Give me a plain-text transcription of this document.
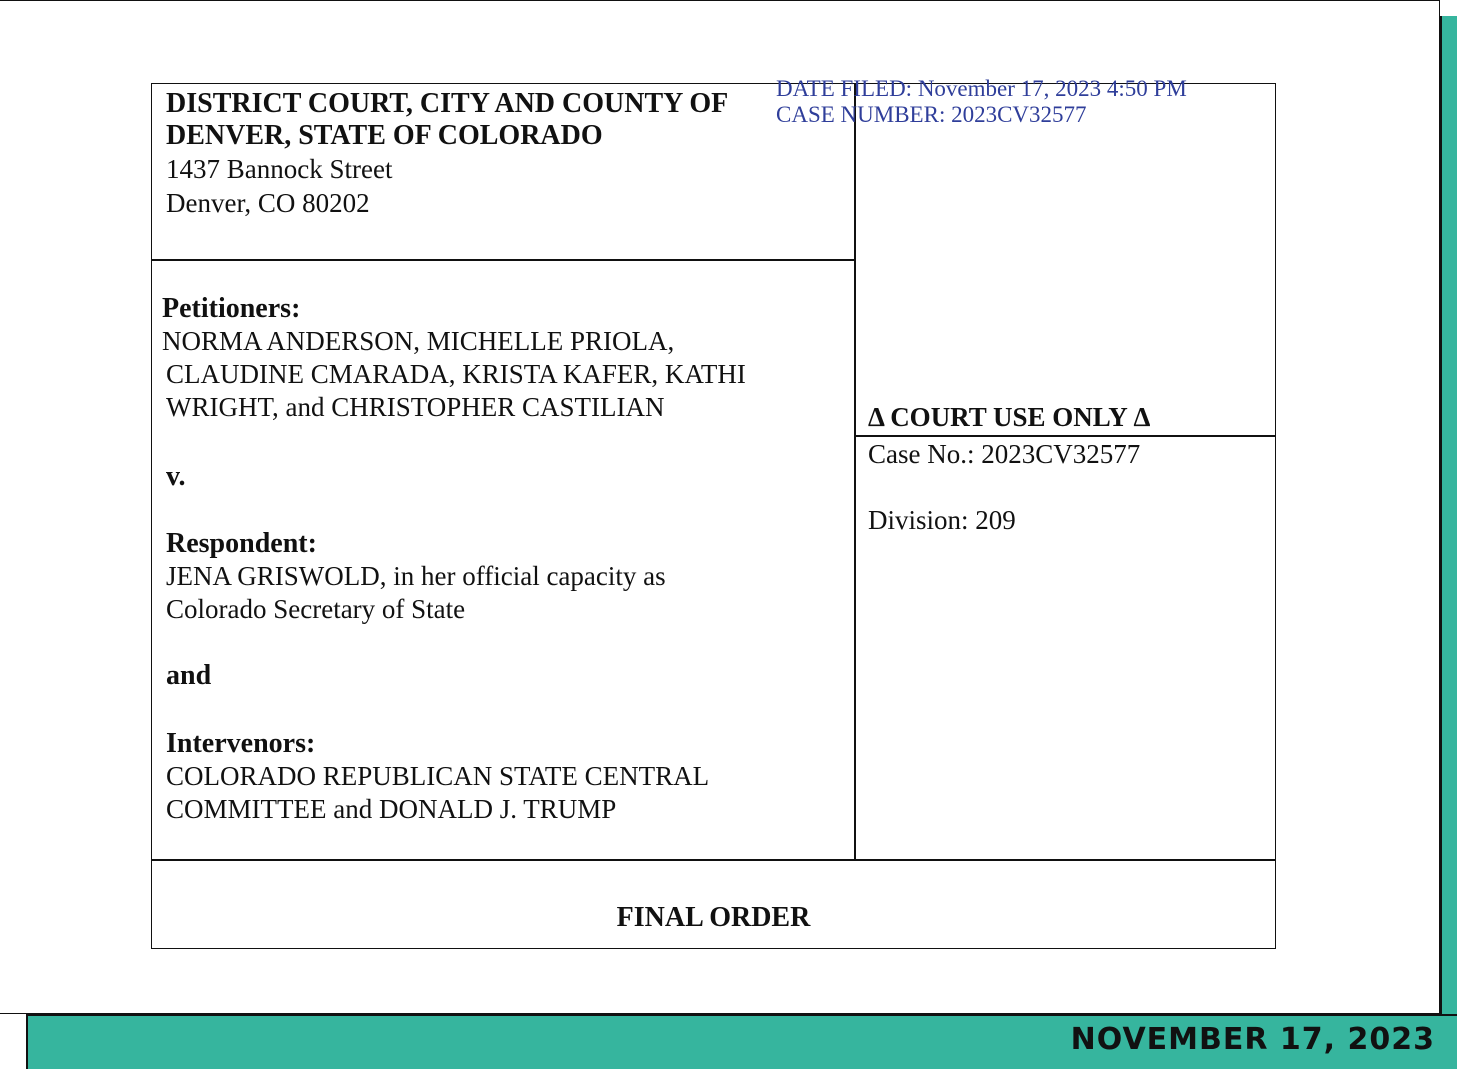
DISTRICT COURT, CITY AND COUNTY OF
DENVER, STATE OF COLORADO
1437 Bannock Street
Denver, CO 80202
Petitioners:
NORMA ANDERSON, MICHELLE PRIOLA,
CLAUDINE CMARADA, KRISTA KAFER, KATHI
WRIGHT, and CHRISTOPHER CASTILIAN
v.
Respondent:
JENA GRISWOLD, in her official capacity as
Colorado Secretary of State
and
Intervenors:
COLORADO REPUBLICAN STATE CENTRAL
COMMITTEE and DONALD J. TRUMP
Δ COURT USE ONLY Δ
Case No.: 2023CV32577
Division: 209
FINAL ORDER
DATE FILED: November 17, 2023 4:50 PM
CASE NUMBER: 2023CV32577
NOVEMBER 17, 2023
